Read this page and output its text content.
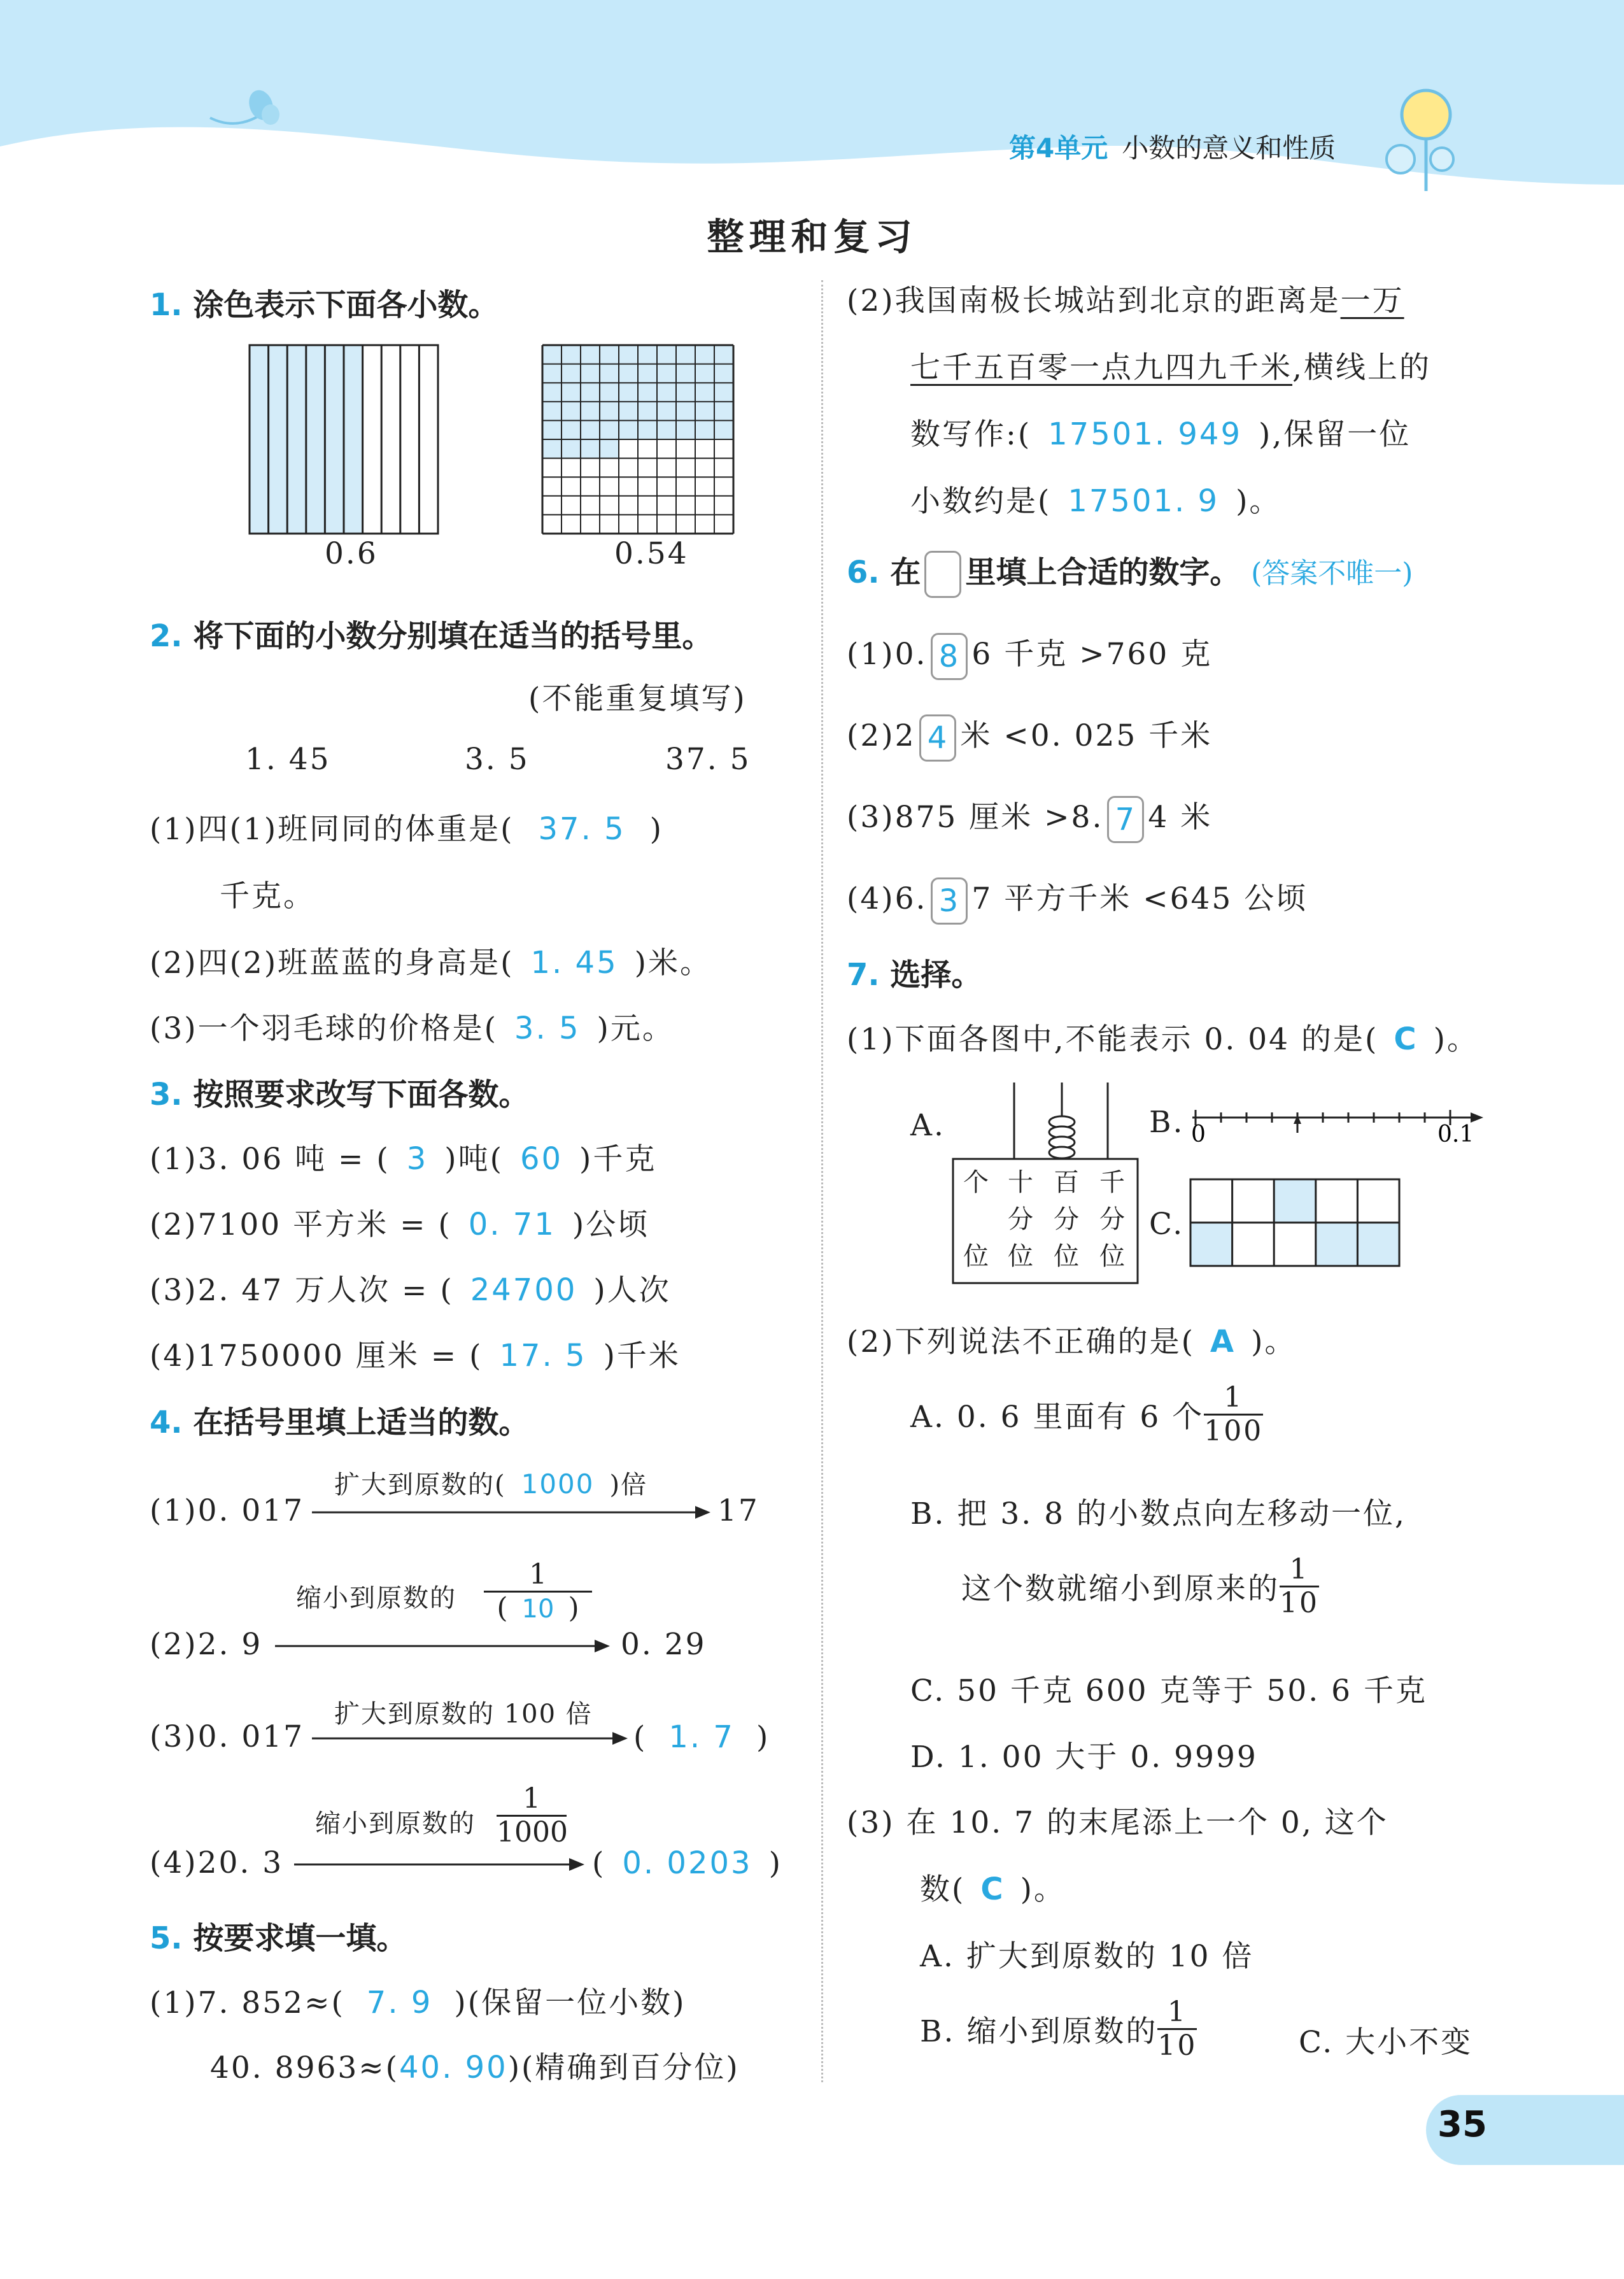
第4单元 小数的意义和性质
整理和复习
1. 涂色表示下面各小数。
0.6	0.54
2. 将下面的小数分别填在适当的括号里。
(不能重复填写)
1. 45	3. 5	37. 5
(1)四(1)班同同的体重是( 37. 5 )
千克。
(2)四(2)班蓝蓝的身高是( 1. 45 )米。
(3)一个羽毛球的价格是( 3. 5 )元。
3. 按照要求改写下面各数。
(1)3. 06 吨 = ( 3 )吨( 60 )千克
(2)7100 平方米 = ( 0. 71 )公顷
(3)2. 47 万人次 = ( 24700 )人次
(4)1750000 厘米 = ( 17. 5 )千米
4. 在括号里填上适当的数。
(1)0. 017
扩大到原数的( 1000 )倍
17
缩小到原数的 $\frac{1}{( 10 )}$
(2)2. 9	0. 29
扩大到原数的 100 倍
(3)0. 017	( 1. 7 )
缩小到原数的 $\frac{1}{1000}$
(4)20. 3	( 0. 0203 )
5. 按要求填一填。
(1)7. 852≈( 7. 9 )(保留一位小数)
40. 8963≈(40. 90)(精确到百分位)
(2)我国南极长城站到北京的距离是一万
七千五百零一点九四九千米,横线上的
数写作:( 17501. 949 ),保留一位
小数约是( 17501. 9 )。
6. 在 里填上合适的数字。 (答案不唯一)
(1)0. 8 6 千克 >760 克
(2)2 4 米 <0. 025 千米
(3)875 厘米 >8. 7 4 米
(4)6. 3 7 平方千米 <645 公顷
7. 选择。
(1)下面各图中,不能表示 0. 04 的是( C )。
A.
个
位
十
分
位
百
分
位
千
分
位
B. 0	0.1
C.
(2)下列说法不正确的是( A )。
A. 0. 6 里面有 6 个 $\frac{1}{100}$
B. 把 3. 8 的小数点向左移动一位,
这个数就缩小到原来的 $\frac{1}{10}$
C. 50 千克 600 克等于 50. 6 千克
D. 1. 00 大于 0. 9999
(3) 在 10. 7 的末尾添上一个 0, 这个
数( C )。
A. 扩大到原数的 10 倍
B. 缩小到原数的 $\frac{1}{10}$	C. 大小不变
35
